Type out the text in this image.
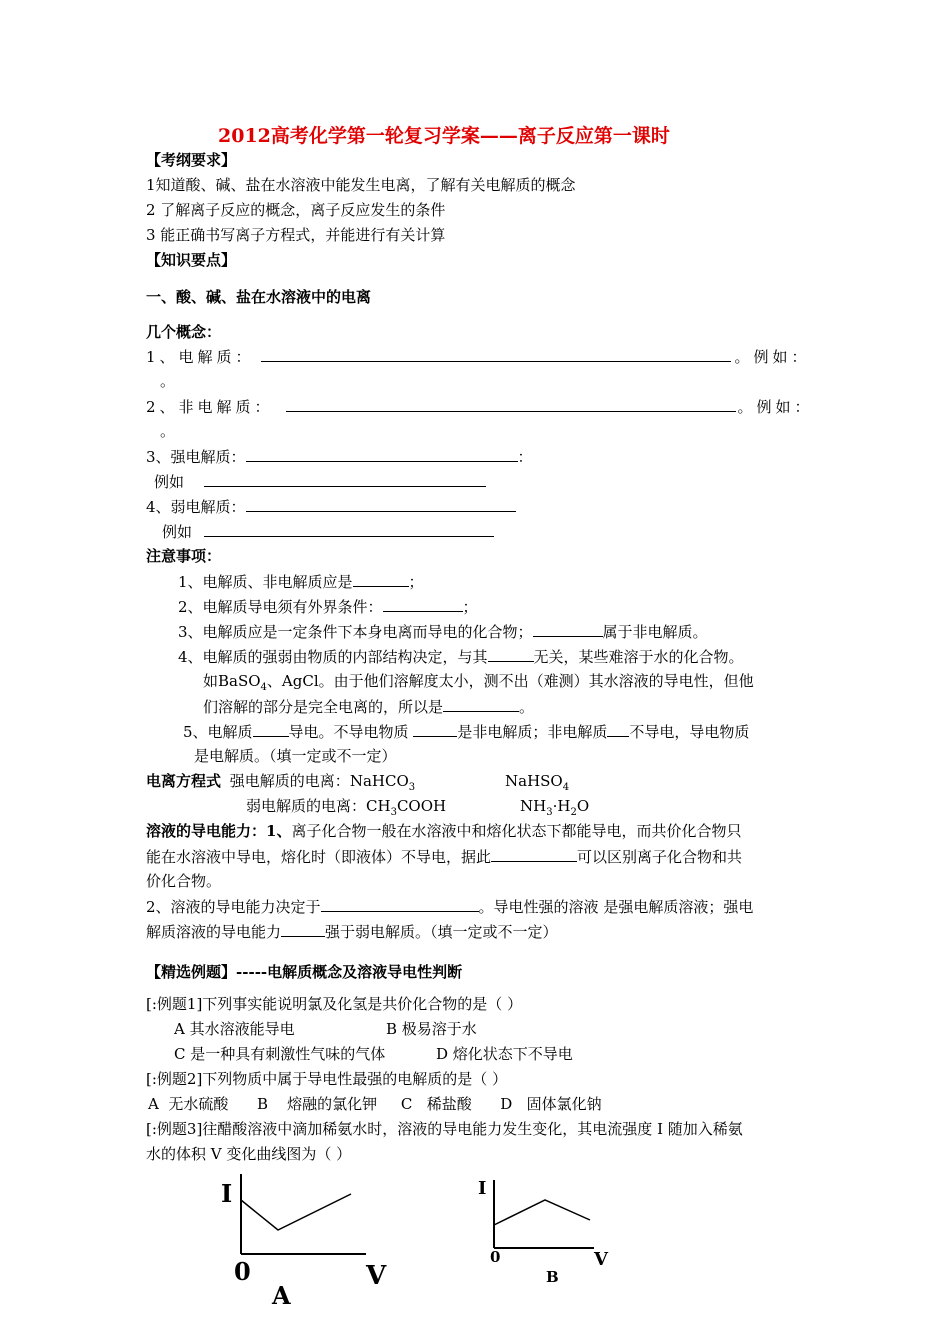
2012高考化学第一轮复习学案——离子反应第一课时
【考纲要求】
1知道酸、碱、盐在水溶液中能发生电离，了解有关电解质的概念
2 了解离子反应的概念，离子反应发生的条件
3 能正确书写离子方程式，并能进行有关计算
【知识要点】
一、酸、碱、盐在水溶液中的电离
几个概念：
1、电解质：	。例如：
。
2、非电解质：	。例如：
。
3、强电解质：	：
例如
4、弱电解质：
例如
注意事项：
1、电解质、非电解质应是	；
2、电解质导电须有外界条件：	；
3、电解质应是一定条件下本身电离而导电的化合物；	属于非电解质。
4、电解质的强弱由物质的内部结构决定，与其	无关，某些难溶于水的化合物。
如BaSO$_4$、AgCl。由于他们溶解度太小，测不出（难测）其水溶液的导电性，但他
们溶解的部分是完全电离的，所以是	。
5、电解质 导电。不导电物质	是非电解质；非电解质 不导电，导电物质
是电解质。（填一定或不一定）
电离方程式 强电解质的电离：NaHCO$_3$	NaHSO$_4$
弱电解质的电离：$CH_3COOH$	$NH_3\cdot H_2O$
溶液的导电能力：1、离子化合物一般在水溶液中和熔化状态下都能导电，而共价化合物只
能在水溶液中导电，熔化时（即液体）不导电，据此	可以区别离子化合物和共
价化合物。
2、溶液的导电能力决定于	。导电性强的溶液 是强电解质溶液；强电
解质溶液的导电能力	强于弱电解质。（填一定或不一定）
【精选例题】-----电解质概念及溶液导电性判断
[:例题1]下列事实能说明氯及化氢是共价化合物的是（ ）
A 其水溶液能导电	B 极易溶于水
C 是一种具有刺激性气味的气体	D 熔化状态下不导电
[:例题2]下列物质中属于导电性最强的电解质的是（ ）
A  无水硫酸      B    熔融的氯化钾     C   稀盐酸      D   固体氯化钠
[:例题3]往醋酸溶液中滴加稀氨水时，溶液的导电能力发生变化，其电流强度 I 随加入稀氨
水的体积 V 变化曲线图为（ ）
I
0	V
A
I
0	V
B
